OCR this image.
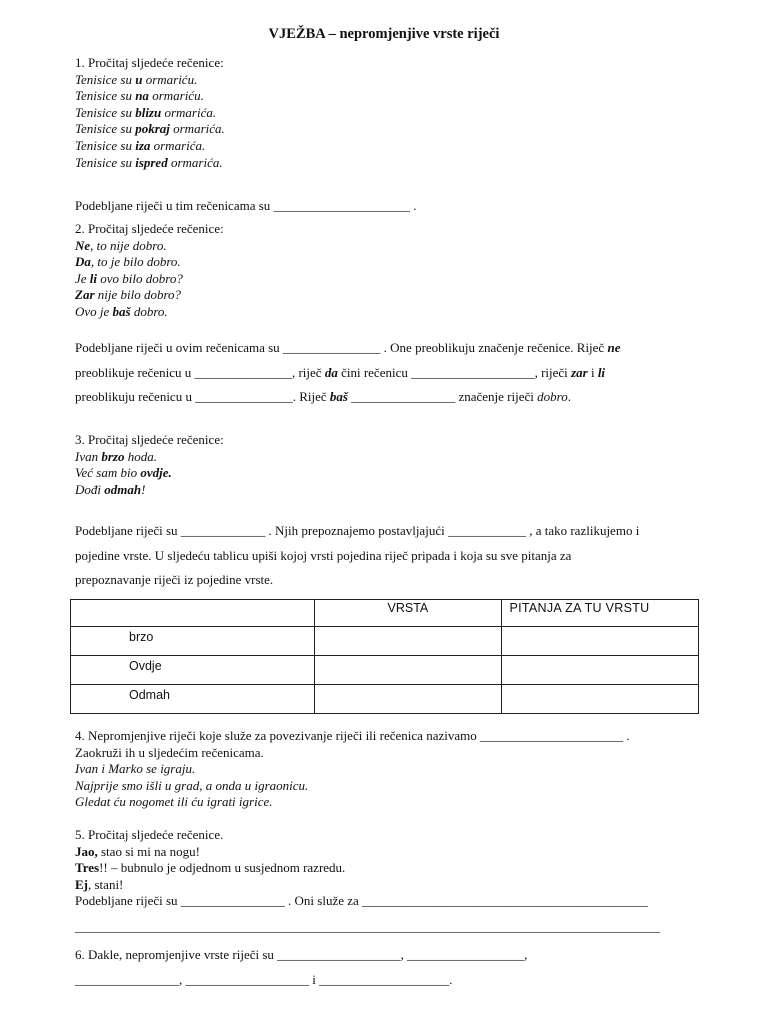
VJEŽBA – nepromjenjive vrste riječi
1. Pročitaj sljedeće rečenice:
Tenisice su u ormariću.
Tenisice su na ormariću.
Tenisice su blizu ormarića.
Tenisice su pokraj ormarića.
Tenisice su iza ormarića.
Tenisice su ispred ormarića.
Podebljane riječi u tim rečenicama su _____________________ .
2. Pročitaj sljedeće rečenice:
Ne, to nije dobro.
Da, to je bilo dobro.
Je li ovo bilo dobro?
Zar nije bilo dobro?
Ovo je baš dobro.
Podebljane riječi u ovim rečenicama su _______________ . One preoblikuju značenje rečenice. Riječ ne
preoblikuje rečenicu u _______________, riječ da čini rečenicu ___________________, riječi zar i li
preoblikuju rečenicu u _______________. Riječ baš ________________ značenje riječi dobro.
3. Pročitaj sljedeće rečenice:
Ivan brzo hoda.
Već sam bio ovdje.
Dođi odmah!
Podebljane riječi su _____________ . Njih prepoznajemo postavljajući ____________ , a tako razlikujemo i
pojedine vrste. U sljedeću tablicu upiši kojoj vrsti pojedina riječ pripada i koja su sve pitanja za
prepoznavanje riječi iz pojedine vrste.
	VRSTA	PITANJA ZA TU VRSTU
brzo		
Ovdje		
Odmah		
4. Nepromjenjive riječi koje služe za povezivanje riječi ili rečenica nazivamo ______________________ .
Zaokruži ih u sljedećim rečenicama.
Ivan i Marko se igraju.
Najprije smo išli u grad, a onda u igraonicu.
Gledat ću nogomet ili ću igrati igrice.
5. Pročitaj sljedeće rečenice.
Jao, stao si mi na nogu!
Tres!! – bubnulo je odjednom u susjednom razredu.
Ej, stani!
Podebljane riječi su ________________ . Oni služe za ____________________________________________
__________________________________________________________________________________________
6. Dakle, nepromjenjive vrste riječi su ___________________, __________________,
________________, ___________________ i ____________________.
